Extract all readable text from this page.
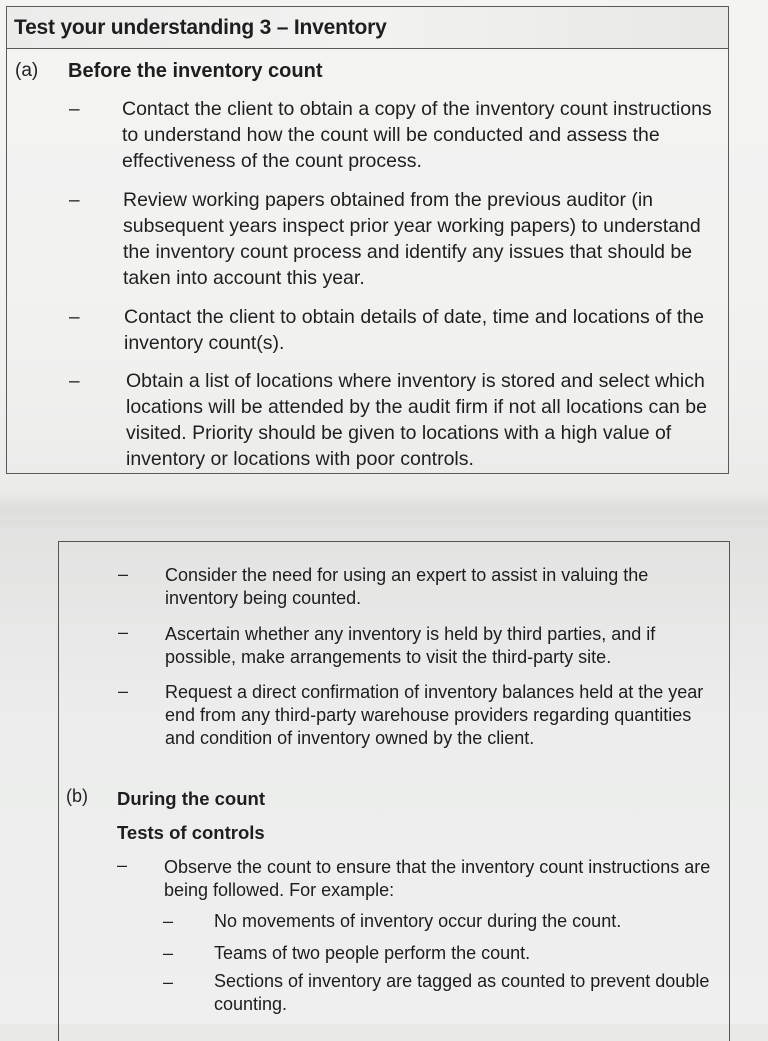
Test your understanding 3 – Inventory
(a) Before the inventory count
– Contact the client to obtain a copy of the inventory count instructions to understand how the count will be conducted and assess the effectiveness of the count process.
– Review working papers obtained from the previous auditor (in subsequent years inspect prior year working papers) to understand the inventory count process and identify any issues that should be taken into account this year.
– Contact the client to obtain details of date, time and locations of the inventory count(s).
– Obtain a list of locations where inventory is stored and select which locations will be attended by the audit firm if not all locations can be visited. Priority should be given to locations with a high value of inventory or locations with poor controls.
– Consider the need for using an expert to assist in valuing the inventory being counted.
– Ascertain whether any inventory is held by third parties, and if possible, make arrangements to visit the third-party site.
– Request a direct confirmation of inventory balances held at the year end from any third-party warehouse providers regarding quantities and condition of inventory owned by the client.
(b) During the count
Tests of controls
– Observe the count to ensure that the inventory count instructions are being followed. For example:
– No movements of inventory occur during the count.
– Teams of two people perform the count.
– Sections of inventory are tagged as counted to prevent double counting.
